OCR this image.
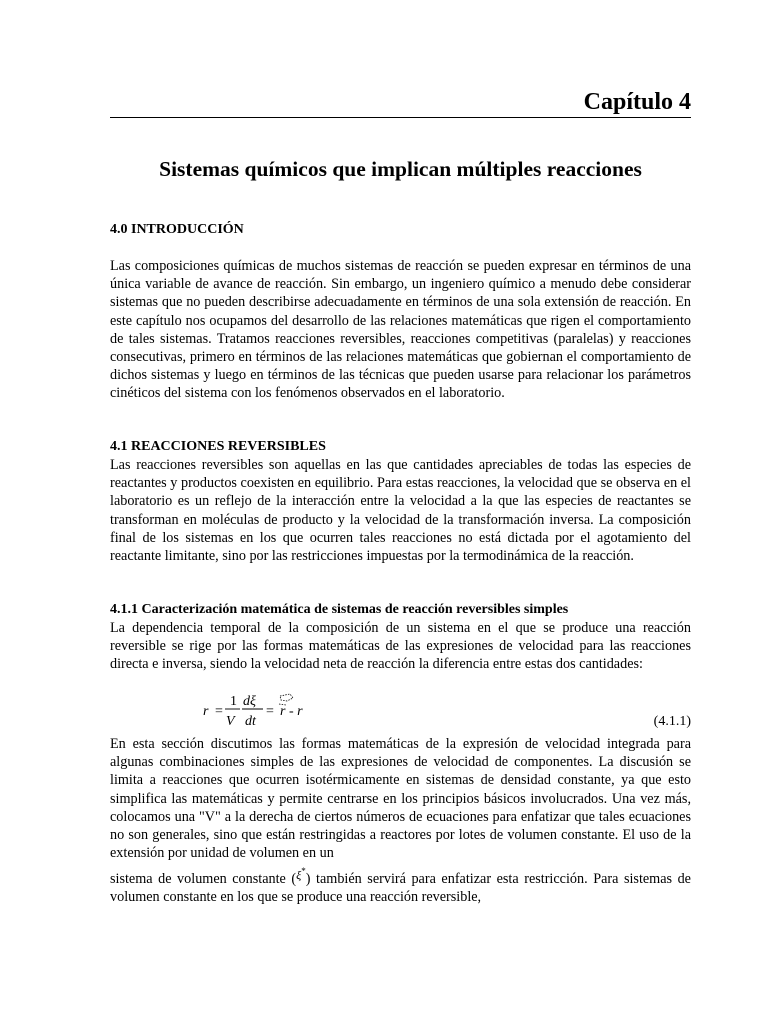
Capítulo 4
Sistemas químicos que implican múltiples reacciones
4.0 INTRODUCCIÓN
Las composiciones químicas de muchos sistemas de reacción se pueden expresar en términos de una única variable de avance de reacción. Sin embargo, un ingeniero químico a menudo debe considerar sistemas que no pueden describirse adecuadamente en términos de una sola extensión de reacción. En este capítulo nos ocupamos del desarrollo de las relaciones matemáticas que rigen el comportamiento de tales sistemas. Tratamos reacciones reversibles, reacciones competitivas (paralelas) y reacciones consecutivas, primero en términos de las relaciones matemáticas que gobiernan el comportamiento de dichos sistemas y luego en términos de las técnicas que pueden usarse para relacionar los parámetros cinéticos del sistema con los fenómenos observados en el laboratorio.
4.1 REACCIONES REVERSIBLES
Las reacciones reversibles son aquellas en las que cantidades apreciables de todas las especies de reactantes y productos coexisten en equilibrio. Para estas reacciones, la velocidad que se observa en el laboratorio es un reflejo de la interacción entre la velocidad a la que las especies de reactantes se transforman en moléculas de producto y la velocidad de la transformación inversa. La composición final de los sistemas en los que ocurren tales reacciones no está dictada por el agotamiento del reactante limitante, sino por las restricciones impuestas por la termodinámica de la reacción.
4.1.1 Caracterización matemática de sistemas de reacción reversibles simples
La dependencia temporal de la composición de un sistema en el que se produce una reacción reversible se rige por las formas matemáticas de las expresiones de velocidad para las reacciones directa e inversa, siendo la velocidad neta de reacción la diferencia entre estas dos cantidades:
r =
1
V
dξ
dt
= r - r
(4.1.1)
En esta sección discutimos las formas matemáticas de la expresión de velocidad integrada para algunas combinaciones simples de las expresiones de velocidad de componentes. La discusión se limita a reacciones que ocurren isotérmicamente en sistemas de densidad constante, ya que esto simplifica las matemáticas y permite centrarse en los principios básicos involucrados. Una vez más, colocamos una "V" a la derecha de ciertos números de ecuaciones para enfatizar que tales ecuaciones no son generales, sino que están restringidas a reactores por lotes de volumen constante. El uso de la extensión por unidad de volumen en un
sistema de volumen constante ($^{\xi^*}$) también servirá para enfatizar esta restricción. Para sistemas de volumen constante en los que se produce una reacción reversible,
